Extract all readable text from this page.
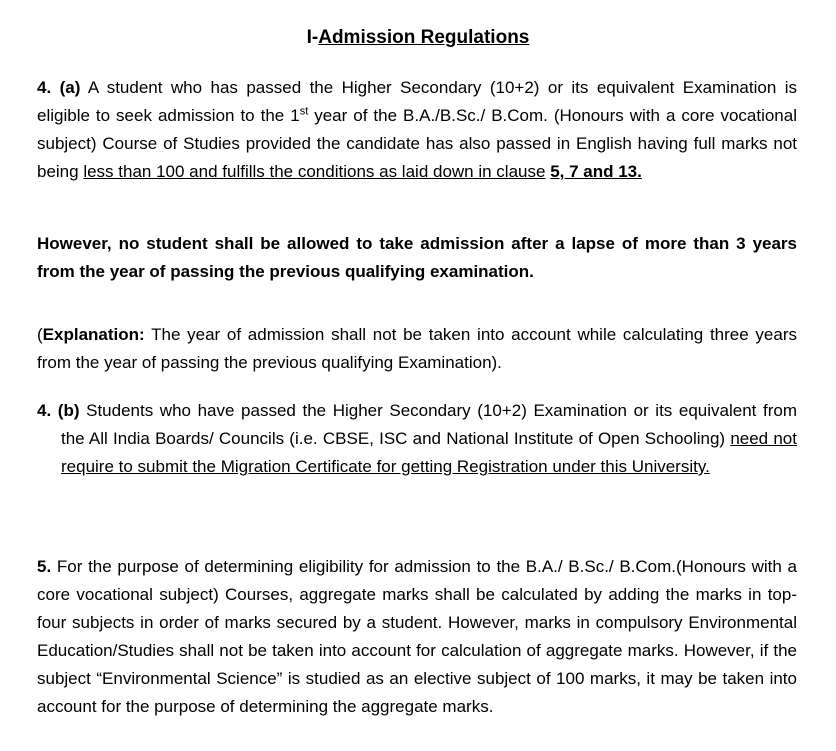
I-Admission Regulations

4. (a) A student who has passed the Higher Secondary (10+2) or its equivalent Examination is eligible to seek admission to the 1st year of the B.A./B.Sc./ B.Com. (Honours with a core vocational subject) Course of Studies provided the candidate has also passed in English having full marks not being less than 100 and fulfills the conditions as laid down in clause 5, 7 and 13.

However, no student shall be allowed to take admission after a lapse of more than 3 years from the year of passing the previous qualifying examination.

(Explanation: The year of admission shall not be taken into account while calculating three years from the year of passing the previous qualifying Examination).

4. (b) Students who have passed the Higher Secondary (10+2) Examination or its equivalent from the All India Boards/ Councils (i.e. CBSE, ISC and National Institute of Open Schooling) need not require to submit the Migration Certificate for getting Registration under this University.

5. For the purpose of determining eligibility for admission to the B.A./ B.Sc./ B.Com.(Honours with a core vocational subject) Courses, aggregate marks shall be calculated by adding the marks in top-four subjects in order of marks secured by a student. However, marks in compulsory Environmental Education/Studies shall not be taken into account for calculation of aggregate marks. However, if the subject “Environmental Science” is studied as an elective subject of 100 marks, it may be taken into account for the purpose of determining the aggregate marks.
